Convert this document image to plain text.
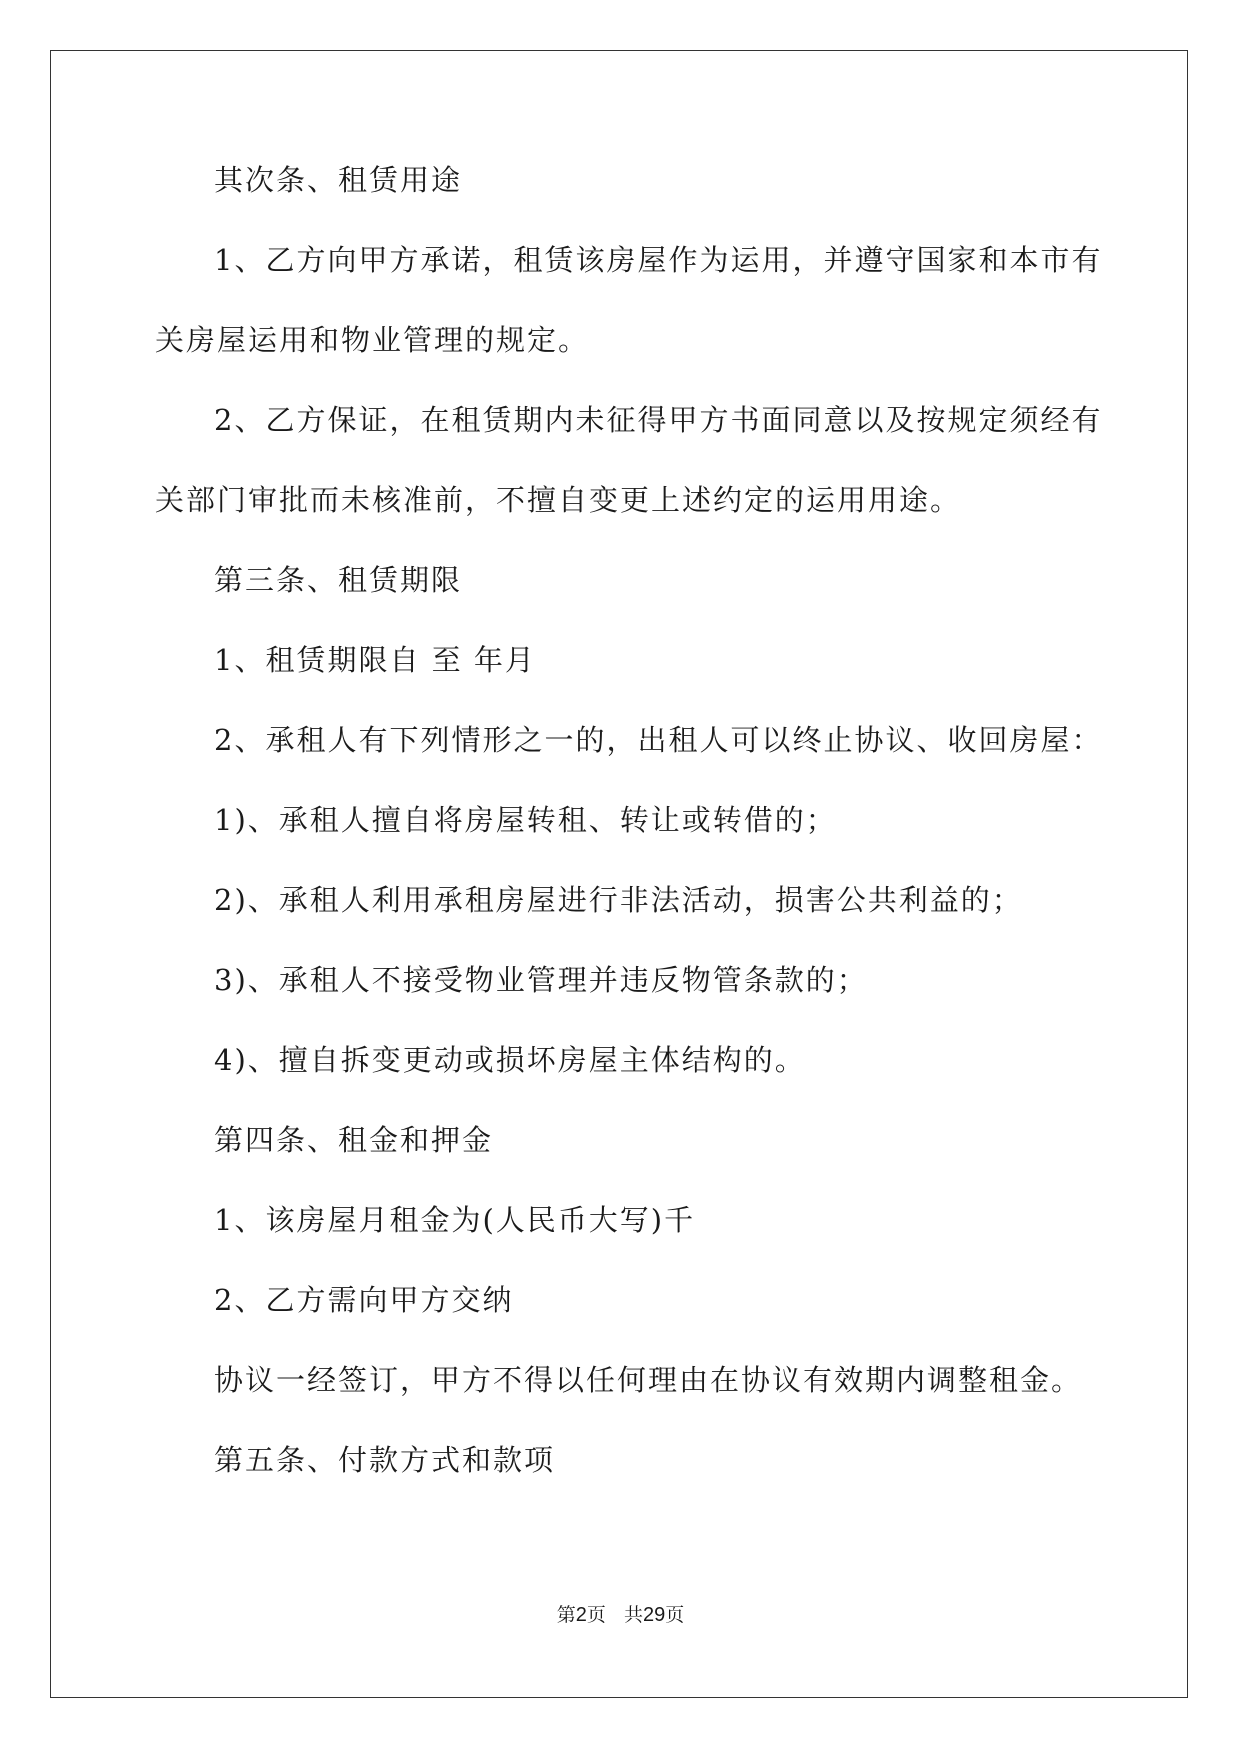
其次条、租赁用途

1、乙方向甲方承诺，租赁该房屋作为运用，并遵守国家和本市有

关房屋运用和物业管理的规定。

2、乙方保证，在租赁期内未征得甲方书面同意以及按规定须经有

关部门审批而未核准前，不擅自变更上述约定的运用用途。

第三条、租赁期限

1、租赁期限自 至 年月

2、承租人有下列情形之一的，出租人可以终止协议、收回房屋：

1)、承租人擅自将房屋转租、转让或转借的；

2)、承租人利用承租房屋进行非法活动，损害公共利益的；

3)、承租人不接受物业管理并违反物管条款的；

4)、擅自拆变更动或损坏房屋主体结构的。

第四条、租金和押金

1、该房屋月租金为(人民币大写)千

2、乙方需向甲方交纳

协议一经签订，甲方不得以任何理由在协议有效期内调整租金。

第五条、付款方式和款项

第2页 共29页
